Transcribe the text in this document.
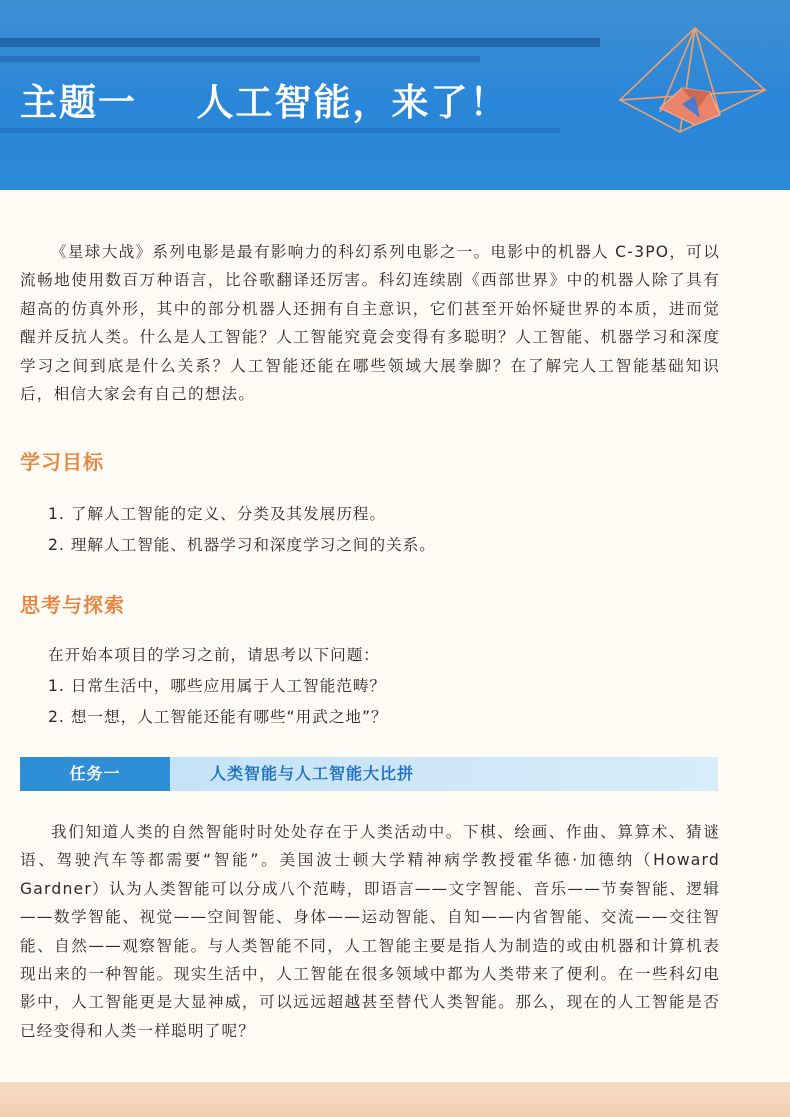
主题一    人工智能，来了！

《星球大战》系列电影是最有影响力的科幻系列电影之一。电影中的机器人 C-3PO，可以流畅地使用数百万种语言，比谷歌翻译还厉害。科幻连续剧《西部世界》中的机器人除了具有超高的仿真外形，其中的部分机器人还拥有自主意识，它们甚至开始怀疑世界的本质，进而觉醒并反抗人类。什么是人工智能？人工智能究竟会变得有多聪明？人工智能、机器学习和深度学习之间到底是什么关系？人工智能还能在哪些领域大展拳脚？在了解完人工智能基础知识后，相信大家会有自己的想法。

学习目标
1. 了解人工智能的定义、分类及其发展历程。
2. 理解人工智能、机器学习和深度学习之间的关系。
思考与探索
在开始本项目的学习之前，请思考以下问题：
1. 日常生活中，哪些应用属于人工智能范畴？
2. 想一想，人工智能还能有哪些“用武之地”？
任务一	人类智能与人工智能大比拼

我们知道人类的自然智能时时处处存在于人类活动中。下棋、绘画、作曲、算算术、猜谜语、驾驶汽车等都需要“智能”。美国波士顿大学精神病学教授霍华德·加德纳（Howard Gardner）认为人类智能可以分成八个范畴，即语言——文字智能、音乐——节奏智能、逻辑——数学智能、视觉——空间智能、身体——运动智能、自知——内省智能、交流——交往智能、自然——观察智能。与人类智能不同，人工智能主要是指人为制造的或由机器和计算机表现出来的一种智能。现实生活中，人工智能在很多领域中都为人类带来了便利。在一些科幻电影中，人工智能更是大显神威，可以远远超越甚至替代人类智能。那么，现在的人工智能是否已经变得和人类一样聪明了呢？
